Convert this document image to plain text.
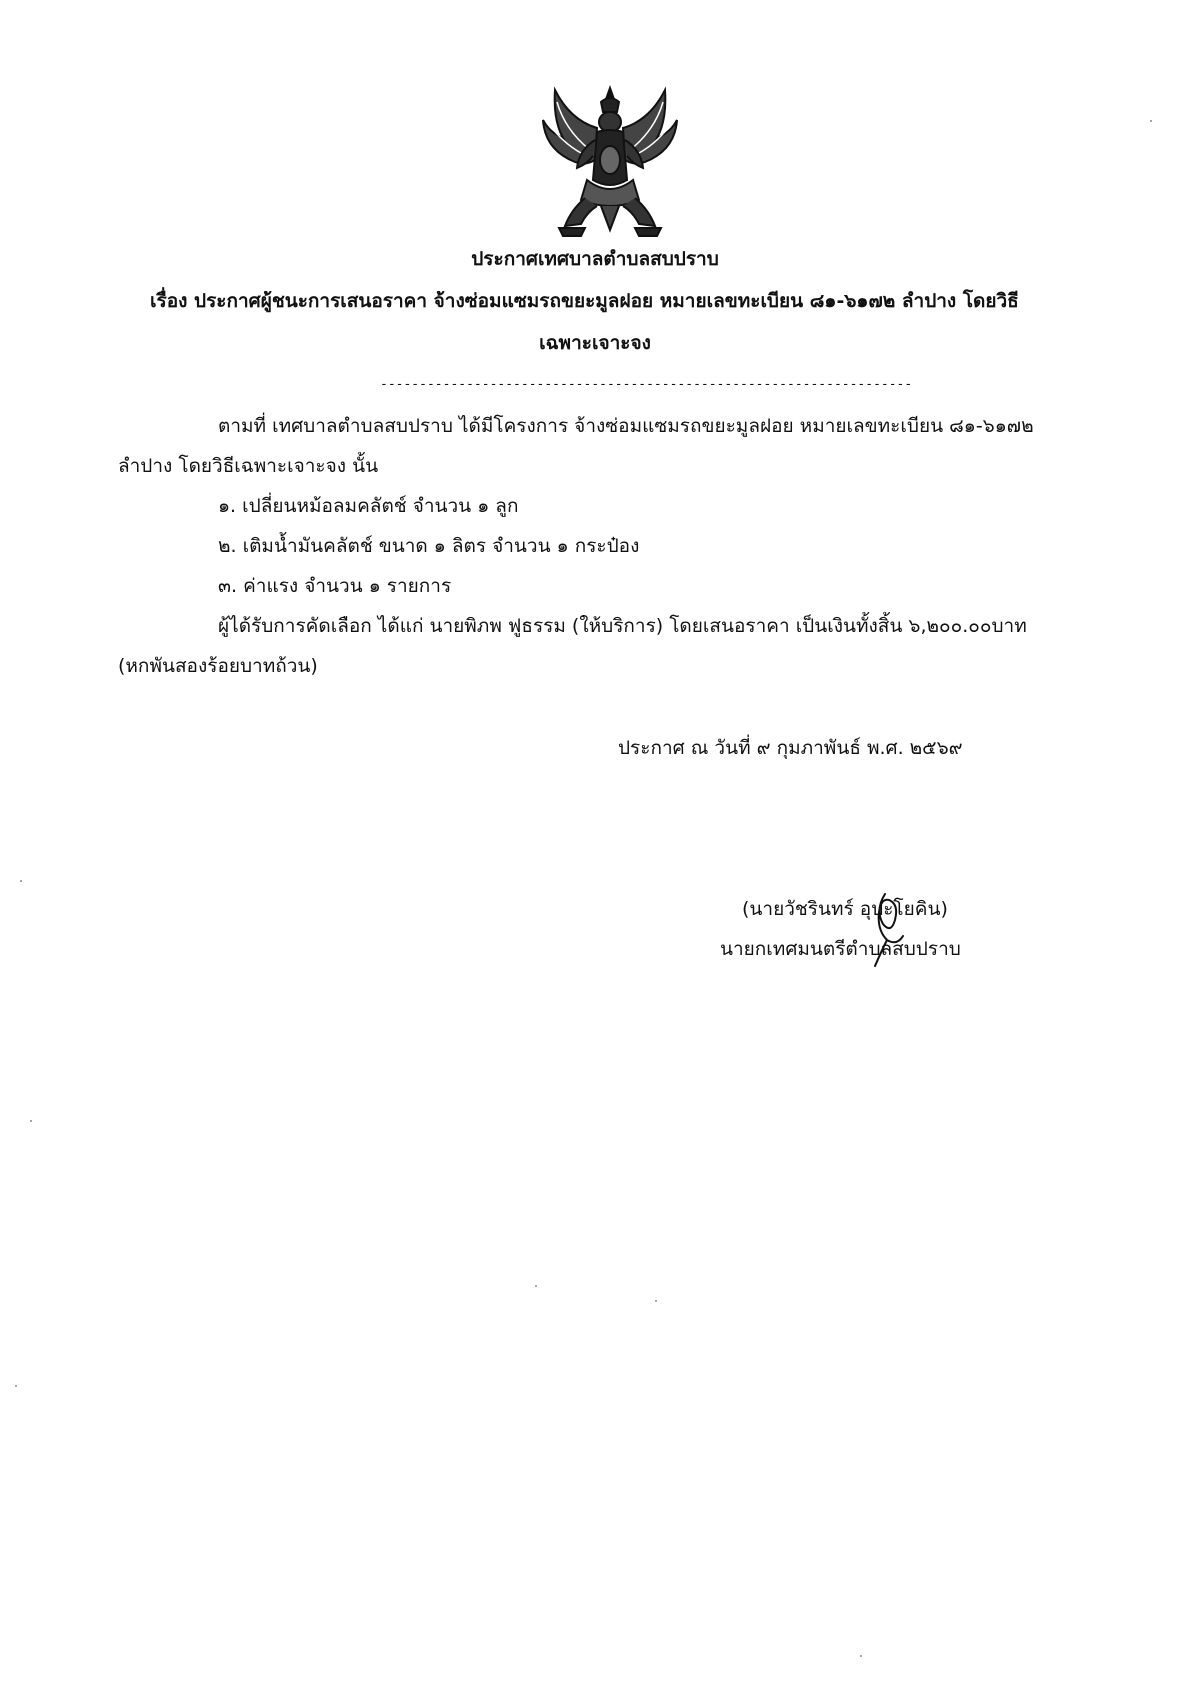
ประกาศเทศบาลตำบลสบปราบ
เรื่อง ประกาศผู้ชนะการเสนอราคา จ้างซ่อมแซมรถขยะมูลฝอย หมายเลขทะเบียน ๘๑-๖๑๗๒ ลำปาง โดยวิธี
เฉพาะเจาะจง
--------------------------------------------------------------------
ตามที่ เทศบาลตำบลสบปราบ ได้มีโครงการ จ้างซ่อมแซมรถขยะมูลฝอย หมายเลขทะเบียน ๘๑-๖๑๗๒
ลำปาง โดยวิธีเฉพาะเจาะจง นั้น
๑. เปลี่ยนหม้อลมคลัตช์ จำนวน ๑ ลูก
๒. เติมน้ำมันคลัตช์ ขนาด ๑ ลิตร จำนวน ๑ กระป๋อง
๓. ค่าแรง จำนวน ๑ รายการ
ผู้ได้รับการคัดเลือก ได้แก่ นายพิภพ ฟูธรรม (ให้บริการ) โดยเสนอราคา เป็นเงินทั้งสิ้น ๖,๒๐๐.๐๐บาท
(หกพันสองร้อยบาทถ้วน)
ประกาศ ณ วันที่ ๙ กุมภาพันธ์ พ.ศ. ๒๕๖๙
(นายวัชรินทร์ อุปะโยคิน)
นายกเทศมนตรีตำบลสบปราบ
